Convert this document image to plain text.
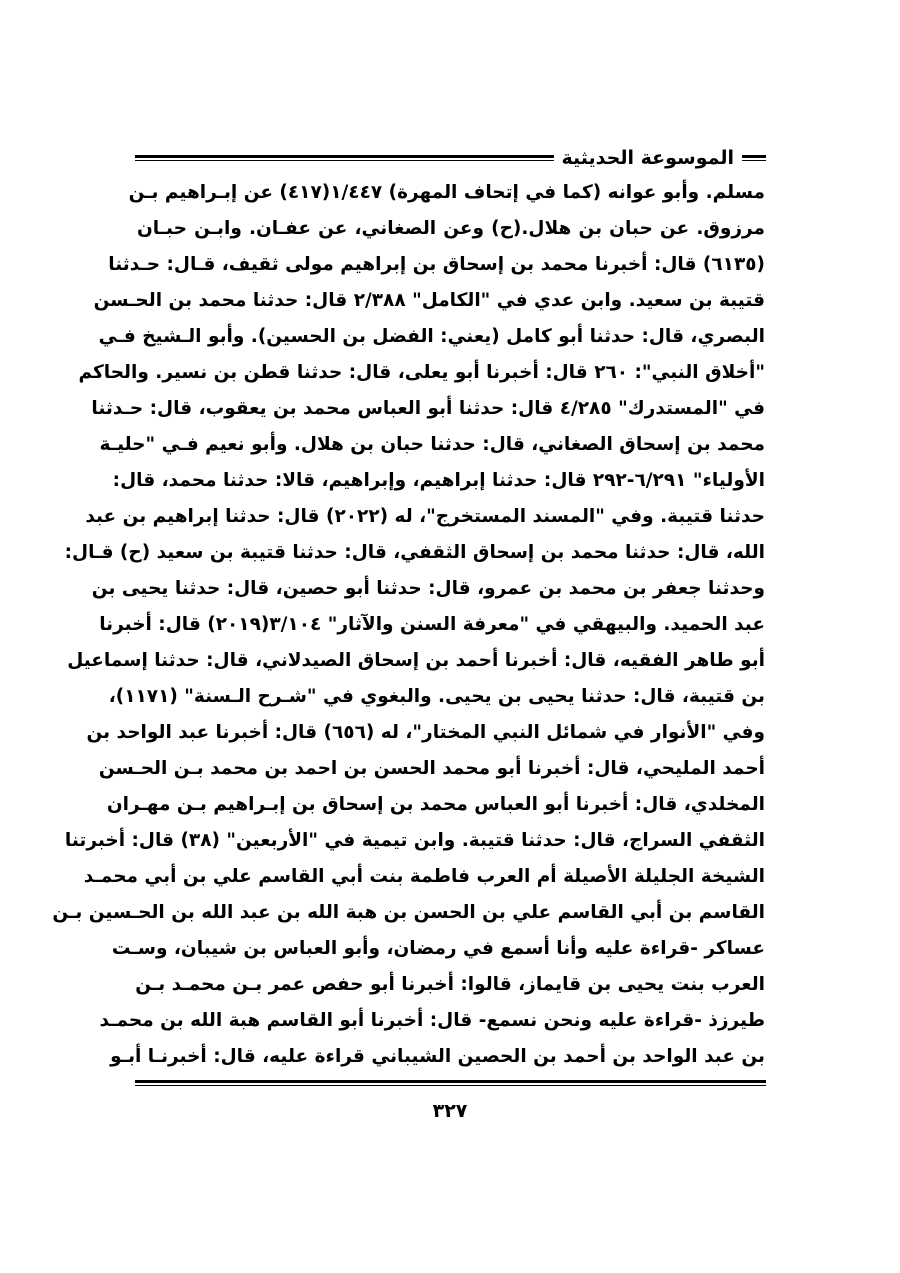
الموسوعة الحديثية
مسلم. وأبو عوانه (كما في إتحاف المهرة) ١/٤٤٧(٤١٧) عن إبـراهيم بـن
مرزوق. عن حبان بن هلال.(ح) وعن الصغاني، عن عفـان. وابـن حبـان
(٦١٣٥) قال: أخبرنا محمد بن إسحاق بن إبراهيم مولى ثقيف، قـال: حـدثنا
قتيبة بن سعيد. وابن عدي في "الكامل" ٢/٣٨٨ قال: حدثنا محمد بن الحـسن
البصري، قال: حدثنا أبو كامل (يعني: الفضل بن الحسين). وأبو الـشيخ فـي
"أخلاق النبي": ٢٦٠ قال: أخبرنا أبو يعلى، قال: حدثنا قطن بن نسير. والحاكم
في "المستدرك" ٤/٢٨٥ قال: حدثنا أبو العباس محمد بن يعقوب، قال: حـدثنا
محمد بن إسحاق الصغاني، قال: حدثنا حبان بن هلال. وأبو نعيم فـي "حليـة
الأولياء" ٦/٢٩١-٢٩٢ قال: حدثنا إبراهيم، وإبراهيم، قالا: حدثنا محمد، قال:
حدثنا قتيبة. وفي "المسند المستخرج"، له (٢٠٢٢) قال: حدثنا إبراهيم بن عبد
الله، قال: حدثنا محمد بن إسحاق الثقفي، قال: حدثنا قتيبة بن سعيد (ح) قـال:
وحدثنا جعفر بن محمد بن عمرو، قال: حدثنا أبو حصين، قال: حدثنا يحيى بن
عبد الحميد. والبيهقي في "معرفة السنن والآثار" ٣/١٠٤(٢٠١٩) قال: أخبرنا
أبو طاهر الفقيه، قال: أخبرنا أحمد بن إسحاق الصيدلاني، قال: حدثنا إسماعيل
بن قتيبة، قال: حدثنا يحيى بن يحيى. والبغوي في "شـرح الـسنة" (١١٧١)،
وفي "الأنوار في شمائل النبي المختار"، له (٦٥٦) قال: أخبرنا عبد الواحد بن
أحمد المليحي، قال: أخبرنا أبو محمد الحسن بن احمد بن محمد بـن الحـسن
المخلدي، قال: أخبرنا أبو العباس محمد بن إسحاق بن إبـراهيم بـن مهـران
الثقفي السراج، قال: حدثنا قتيبة. وابن تيمية في "الأربعين" (٣٨) قال: أخبرتنا
الشيخة الجليلة الأصيلة أم العرب فاطمة بنت أبي القاسم علي بن أبي محمـد
القاسم بن أبي القاسم علي بن الحسن بن هبة الله بن عبد الله بن الحـسين بـن
عساكر -قراءة عليه وأنا أسمع في رمضان، وأبو العباس بن شيبان، وسـت
العرب بنت يحيى بن قايماز، قالوا: أخبرنا أبو حفص عمر بـن محمـد بـن
طيرزذ -قراءة عليه ونحن نسمع- قال: أخبرنا أبو القاسم هبة الله بن محمـد
بن عبد الواحد بن أحمد بن الحصين الشيباني قراءة عليه، قال: أخبرنـا أبـو
٣٢٧
